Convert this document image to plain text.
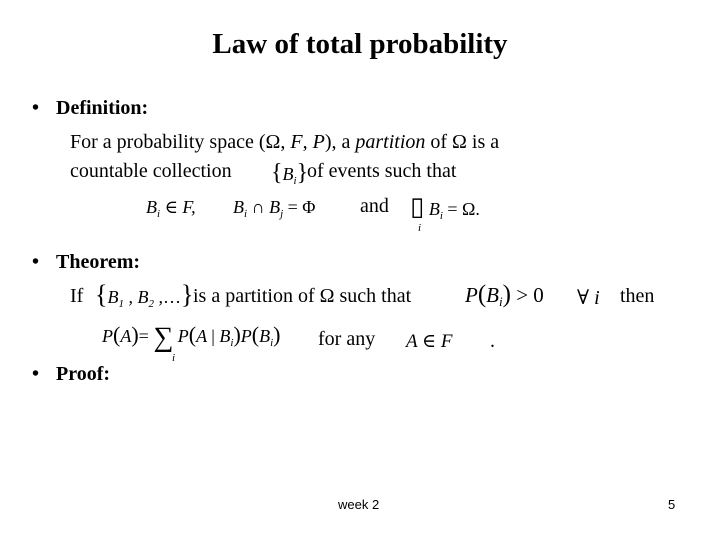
Law of total probability
• Definition:
For a probability space (Ω, F, P), a partition of Ω is a
countable collection $\{B_i\}$
of events such that
$B_i$ ∈ F, $B_i$ ∩ $B_j = \Phi$ and ▯ $B_i = \Omega$.
i
• Theorem:
If {$B_1$ , $B_2$ ,…} is a partition of Ω such that	$P(B_i) > 0$ ∀ i then
P(A)= ∑ P(A | $B_i)P(B_i)$
i
for any A ∈ F .
• Proof:
week 2	5
